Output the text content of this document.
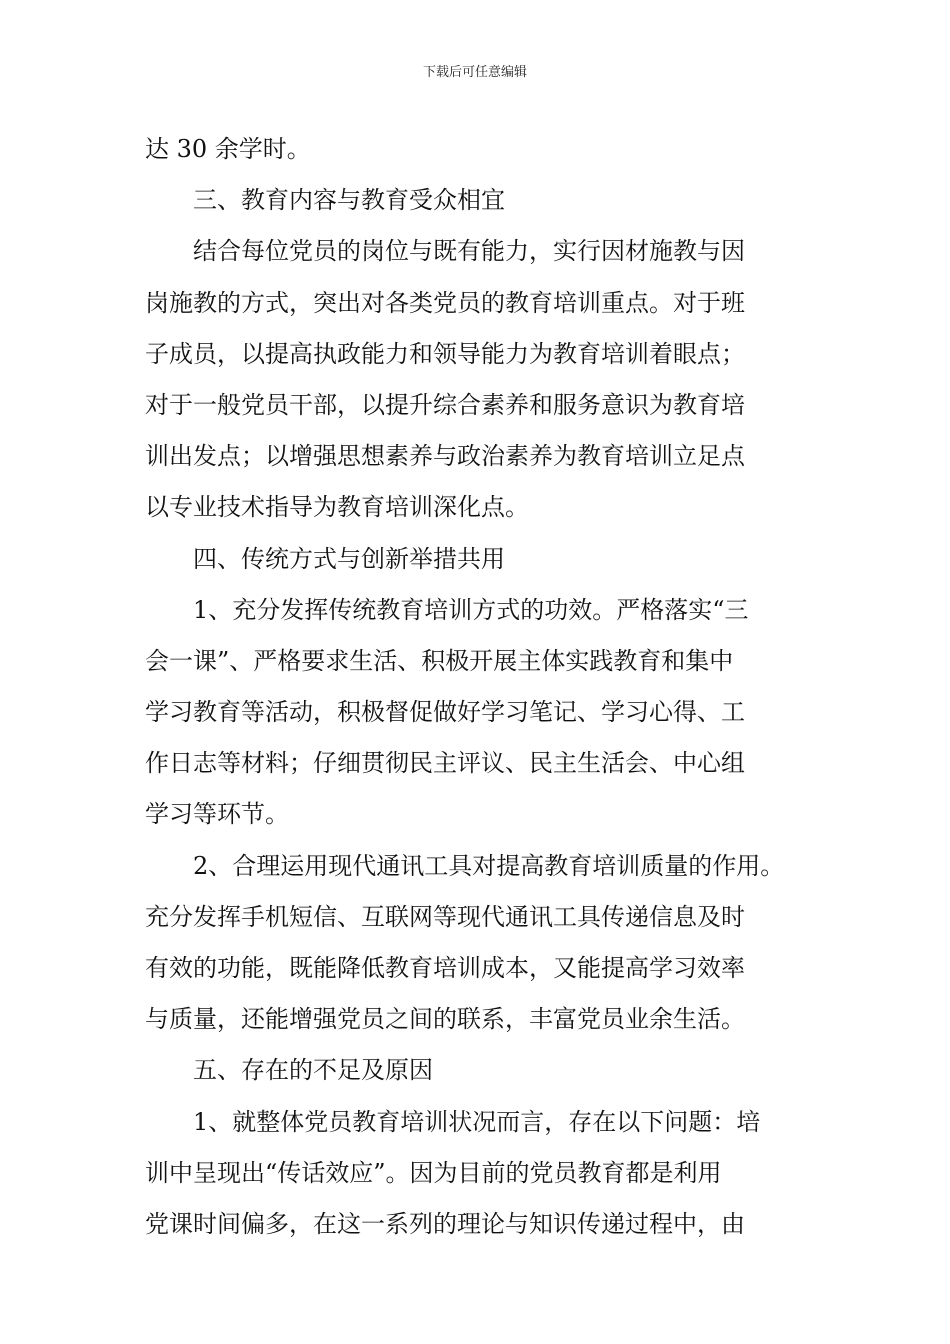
下载后可任意编辑
达 30 余学时。
三、教育内容与教育受众相宜
结合每位党员的岗位与既有能力，实行因材施教与因
岗施教的方式，突出对各类党员的教育培训重点。对于班
子成员，以提高执政能力和领导能力为教育培训着眼点；
对于一般党员干部，以提升综合素养和服务意识为教育培
训出发点；以增强思想素养与政治素养为教育培训立足点
以专业技术指导为教育培训深化点。
四、传统方式与创新举措共用
1、充分发挥传统教育培训方式的功效。严格落实“三
会一课”、严格要求生活、积极开展主体实践教育和集中
学习教育等活动，积极督促做好学习笔记、学习心得、工
作日志等材料；仔细贯彻民主评议、民主生活会、中心组
学习等环节。
2、合理运用现代通讯工具对提高教育培训质量的作用。
充分发挥手机短信、互联网等现代通讯工具传递信息及时
有效的功能，既能降低教育培训成本，又能提高学习效率
与质量，还能增强党员之间的联系，丰富党员业余生活。
五、存在的不足及原因
1、就整体党员教育培训状况而言，存在以下问题：培
训中呈现出“传话效应”。因为目前的党员教育都是利用
党课时间偏多，在这一系列的理论与知识传递过程中，由
